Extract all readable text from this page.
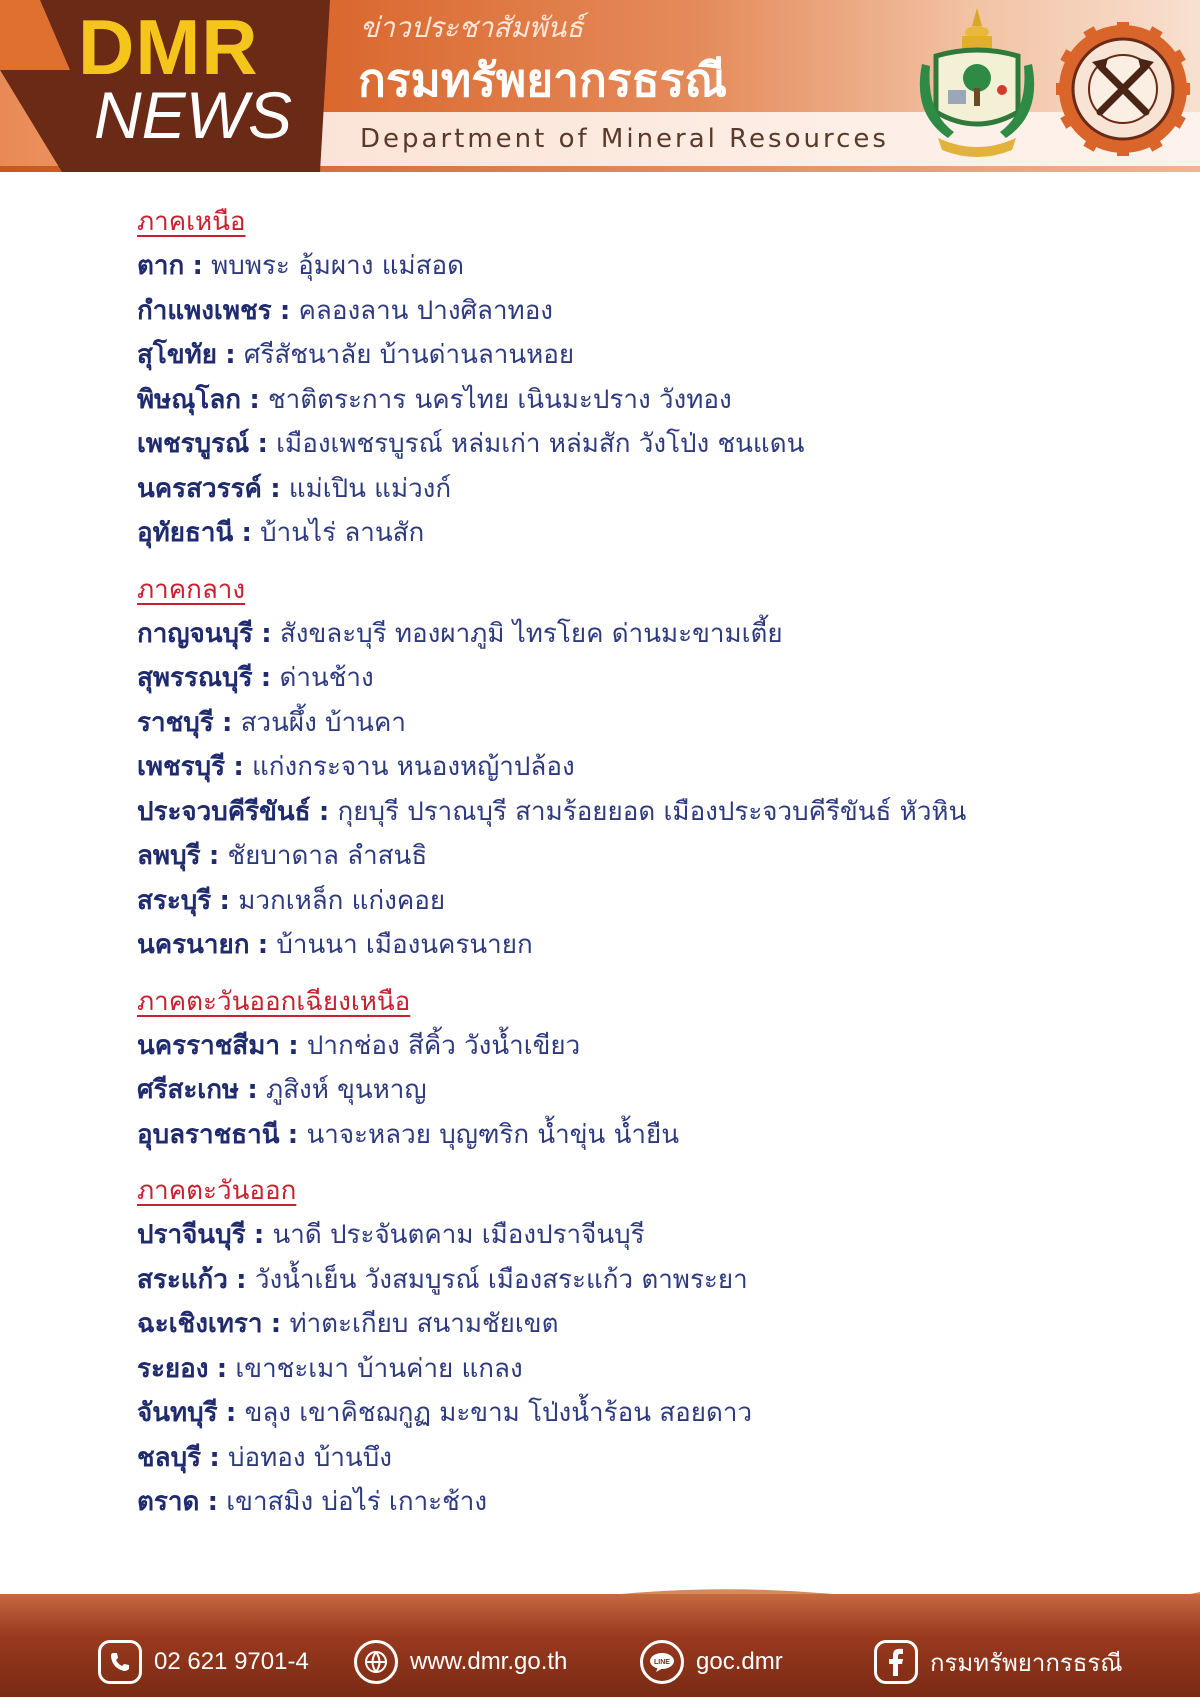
DMR
NEWS
ข่าวประชาสัมพันธ์
กรมทรัพยากรธรณี
Department of Mineral Resources
ภาคเหนือ
ตาก : พบพระ อุ้มผาง แม่สอด
กำแพงเพชร : คลองลาน ปางศิลาทอง
สุโขทัย : ศรีสัชนาลัย บ้านด่านลานหอย
พิษณุโลก : ชาติตระการ นครไทย เนินมะปราง วังทอง
เพชรบูรณ์ : เมืองเพชรบูรณ์ หล่มเก่า หล่มสัก วังโป่ง ชนแดน
นครสวรรค์ : แม่เปิน แม่วงก์
อุทัยธานี : บ้านไร่ ลานสัก
ภาคกลาง
กาญจนบุรี : สังขละบุรี ทองผาภูมิ ไทรโยค ด่านมะขามเตี้ย
สุพรรณบุรี : ด่านช้าง
ราชบุรี : สวนผึ้ง บ้านคา
เพชรบุรี : แก่งกระจาน หนองหญ้าปล้อง
ประจวบคีรีขันธ์ : กุยบุรี ปราณบุรี สามร้อยยอด เมืองประจวบคีรีขันธ์ หัวหิน
ลพบุรี : ชัยบาดาล ลำสนธิ
สระบุรี : มวกเหล็ก แก่งคอย
นครนายก : บ้านนา เมืองนครนายก
ภาคตะวันออกเฉียงเหนือ
นครราชสีมา : ปากช่อง สีคิ้ว วังน้ำเขียว
ศรีสะเกษ : ภูสิงห์ ขุนหาญ
อุบลราชธานี : นาจะหลวย บุญฑริก น้ำขุ่น น้ำยืน
ภาคตะวันออก
ปราจีนบุรี : นาดี ประจันตคาม เมืองปราจีนบุรี
สระแก้ว : วังน้ำเย็น วังสมบูรณ์ เมืองสระแก้ว ตาพระยา
ฉะเชิงเทรา : ท่าตะเกียบ สนามชัยเขต
ระยอง : เขาชะเมา บ้านค่าย แกลง
จันทบุรี : ขลุง เขาคิชฌกูฏ มะขาม โป่งน้ำร้อน สอยดาว
ชลบุรี : บ่อทอง บ้านบึง
ตราด : เขาสมิง บ่อไร่ เกาะช้าง
02 621 9701-4	www.dmr.go.th	LINE goc.dmr	กรมทรัพยากรธรณี
